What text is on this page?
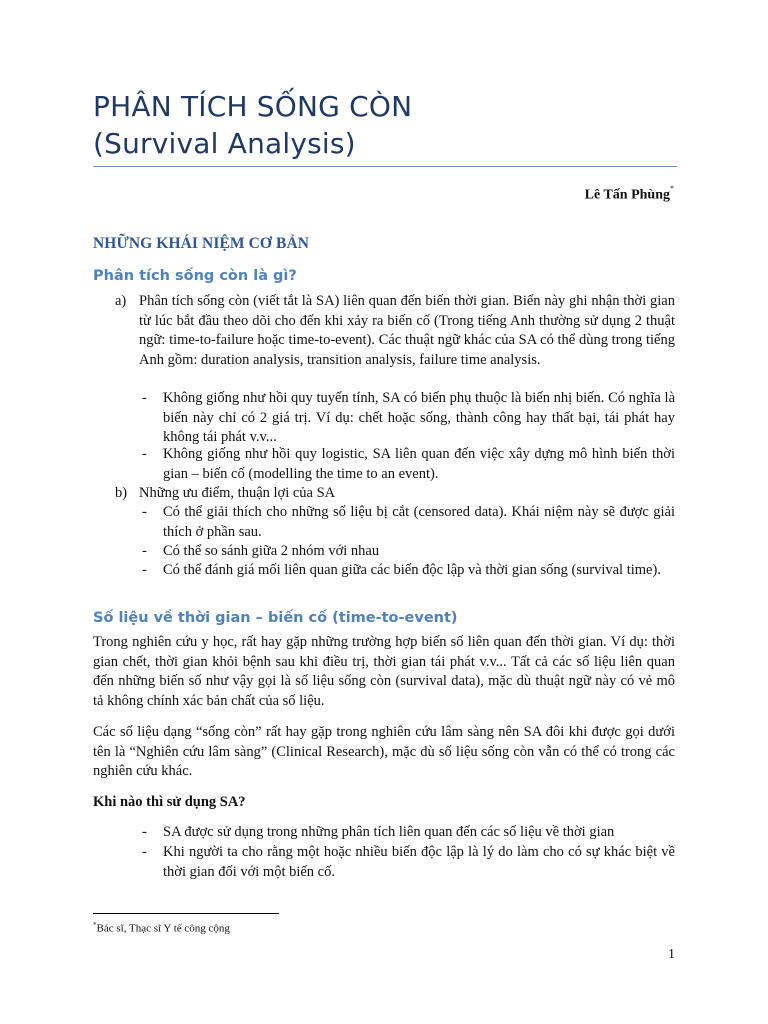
PHÂN TÍCH SỐNG CÒN
(Survival Analysis)
Lê Tấn Phùng*
NHỮNG KHÁI NIỆM CƠ BẢN
Phân tích sống còn là gì?
a) Phân tích sống còn (viết tắt là SA) liên quan đến biến thời gian. Biến này ghi nhận thời gian từ lúc bắt đầu theo dõi cho đến khi xảy ra biến cố (Trong tiếng Anh thường sử dụng 2 thuật ngữ: time-to-failure hoặc time-to-event). Các thuật ngữ khác của SA có thể dùng trong tiếng Anh gồm: duration analysis, transition analysis, failure time analysis.
- Không giống như hồi quy tuyến tính, SA có biến phụ thuộc là biến nhị biến. Có nghĩa là biến này chỉ có 2 giá trị. Ví dụ: chết hoặc sống, thành công hay thất bại, tái phát hay không tái phát v.v...
- Không giống như hồi quy logistic, SA liên quan đến việc xây dựng mô hình biến thời gian – biến cố (modelling the time to an event).
b) Những ưu điểm, thuận lợi của SA
- Có thể giải thích cho những số liệu bị cắt (censored data). Khái niệm này sẽ được giải thích ở phần sau.
- Có thể so sánh giữa 2 nhóm với nhau
- Có thể đánh giá mối liên quan giữa các biến độc lập và thời gian sống (survival time).
Số liệu về thời gian – biến cố (time-to-event)
Trong nghiên cứu y học, rất hay gặp những trường hợp biến số liên quan đến thời gian. Ví dụ: thời gian chết, thời gian khỏi bệnh sau khi điều trị, thời gian tái phát v.v... Tất cả các số liệu liên quan đến những biến số như vậy gọi là số liệu sống còn (survival data), mặc dù thuật ngữ này có vẻ mô tả không chính xác bản chất của số liệu.
Các số liệu dạng “sống còn” rất hay gặp trong nghiên cứu lâm sàng nên SA đôi khi được gọi dưới tên là “Nghiên cứu lâm sàng” (Clinical Research), mặc dù số liệu sống còn vẫn có thể có trong các nghiên cứu khác.
Khi nào thì sử dụng SA?
- SA được sử dụng trong những phân tích liên quan đến các số liệu về thời gian
- Khi người ta cho rằng một hoặc nhiều biến độc lập là lý do làm cho có sự khác biệt về thời gian đối với một biến cố.
*Bác sĩ, Thạc sĩ Y tế công cộng
1
